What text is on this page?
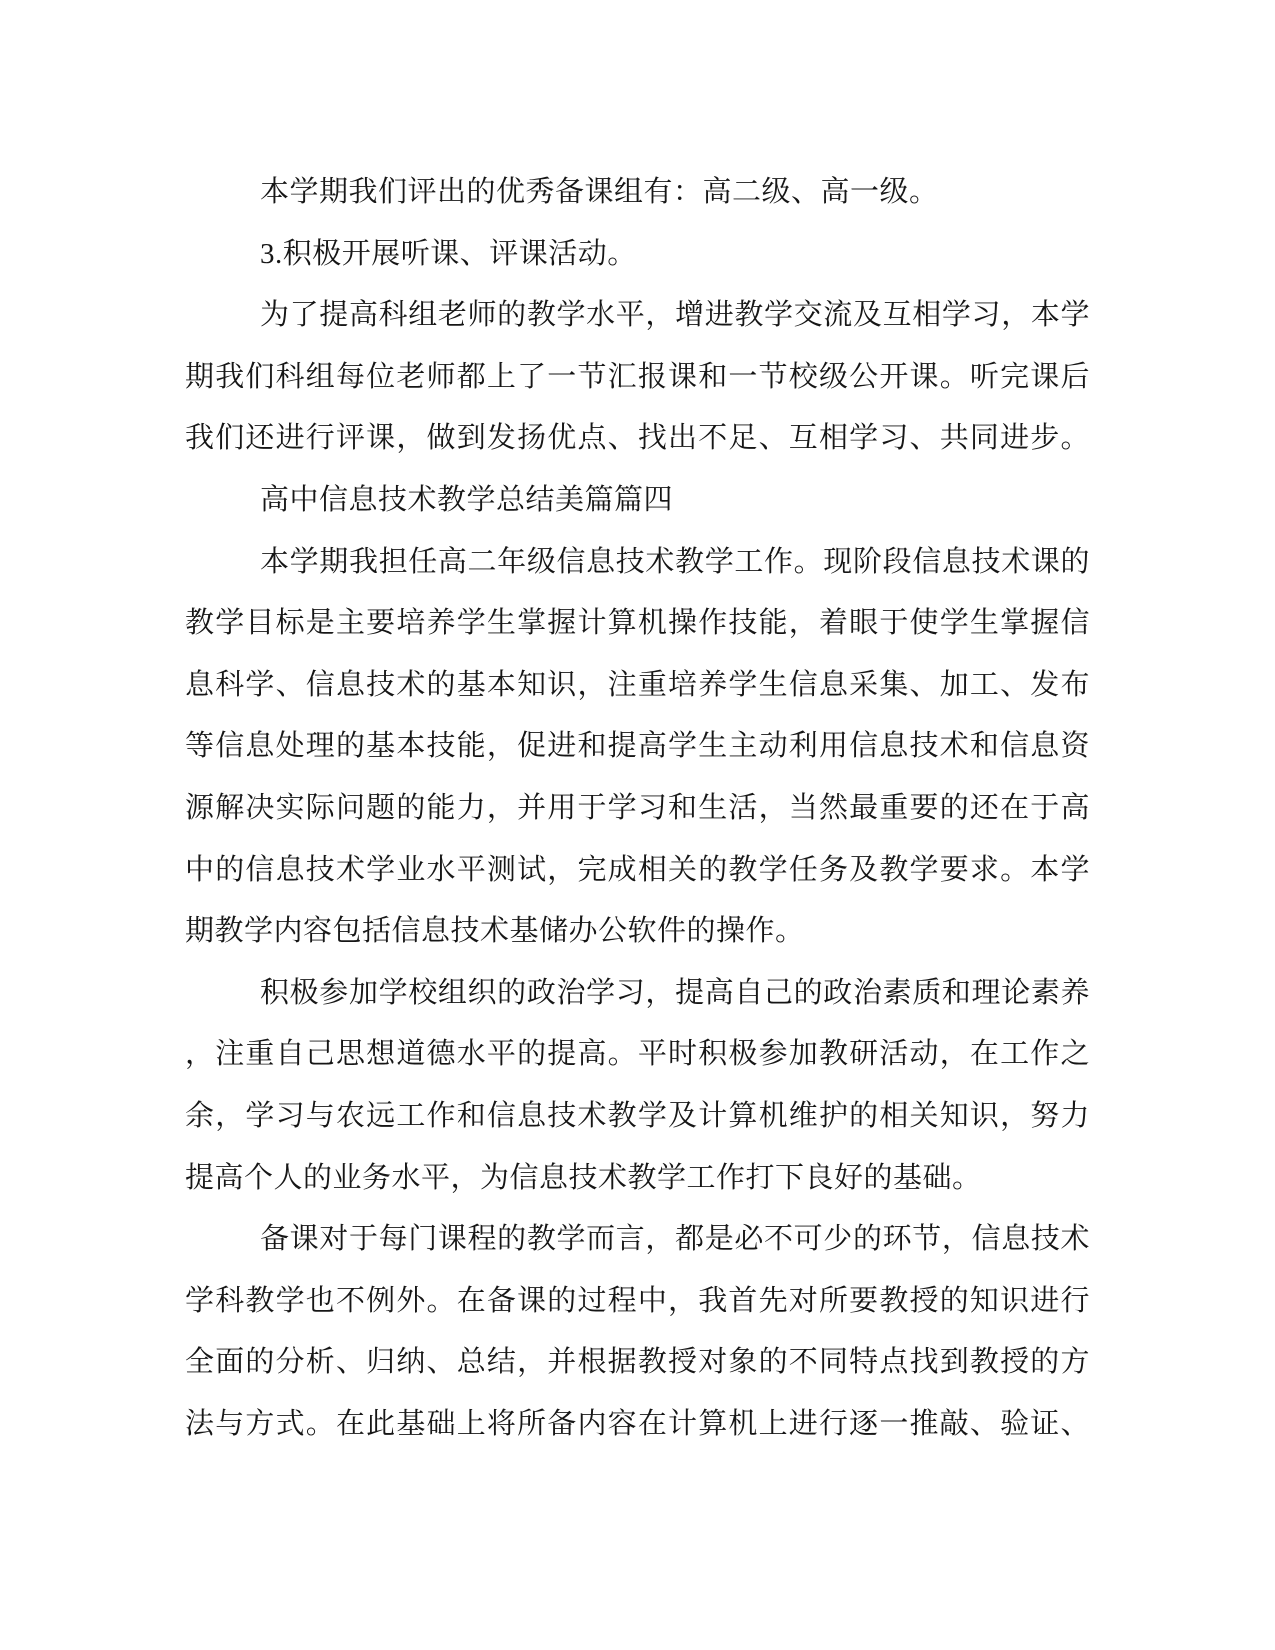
本学期我们评出的优秀备课组有：高二级、高一级。
3.积极开展听课、评课活动。
为了提高科组老师的教学水平，增进教学交流及互相学习，本学
期我们科组每位老师都上了一节汇报课和一节校级公开课。听完课后
我们还进行评课，做到发扬优点、找出不足、互相学习、共同进步。
高中信息技术教学总结美篇篇四
本学期我担任高二年级信息技术教学工作。现阶段信息技术课的
教学目标是主要培养学生掌握计算机操作技能，着眼于使学生掌握信
息科学、信息技术的基本知识，注重培养学生信息采集、加工、发布
等信息处理的基本技能，促进和提高学生主动利用信息技术和信息资
源解决实际问题的能力，并用于学习和生活，当然最重要的还在于高
中的信息技术学业水平测试，完成相关的教学任务及教学要求。本学
期教学内容包括信息技术基储办公软件的操作。
积极参加学校组织的政治学习，提高自己的政治素质和理论素养
，注重自己思想道德水平的提高。平时积极参加教研活动，在工作之
余，学习与农远工作和信息技术教学及计算机维护的相关知识，努力
提高个人的业务水平，为信息技术教学工作打下良好的基础。
备课对于每门课程的教学而言，都是必不可少的环节，信息技术
学科教学也不例外。在备课的过程中，我首先对所要教授的知识进行
全面的分析、归纳、总结，并根据教授对象的不同特点找到教授的方
法与方式。在此基础上将所备内容在计算机上进行逐一推敲、验证、
